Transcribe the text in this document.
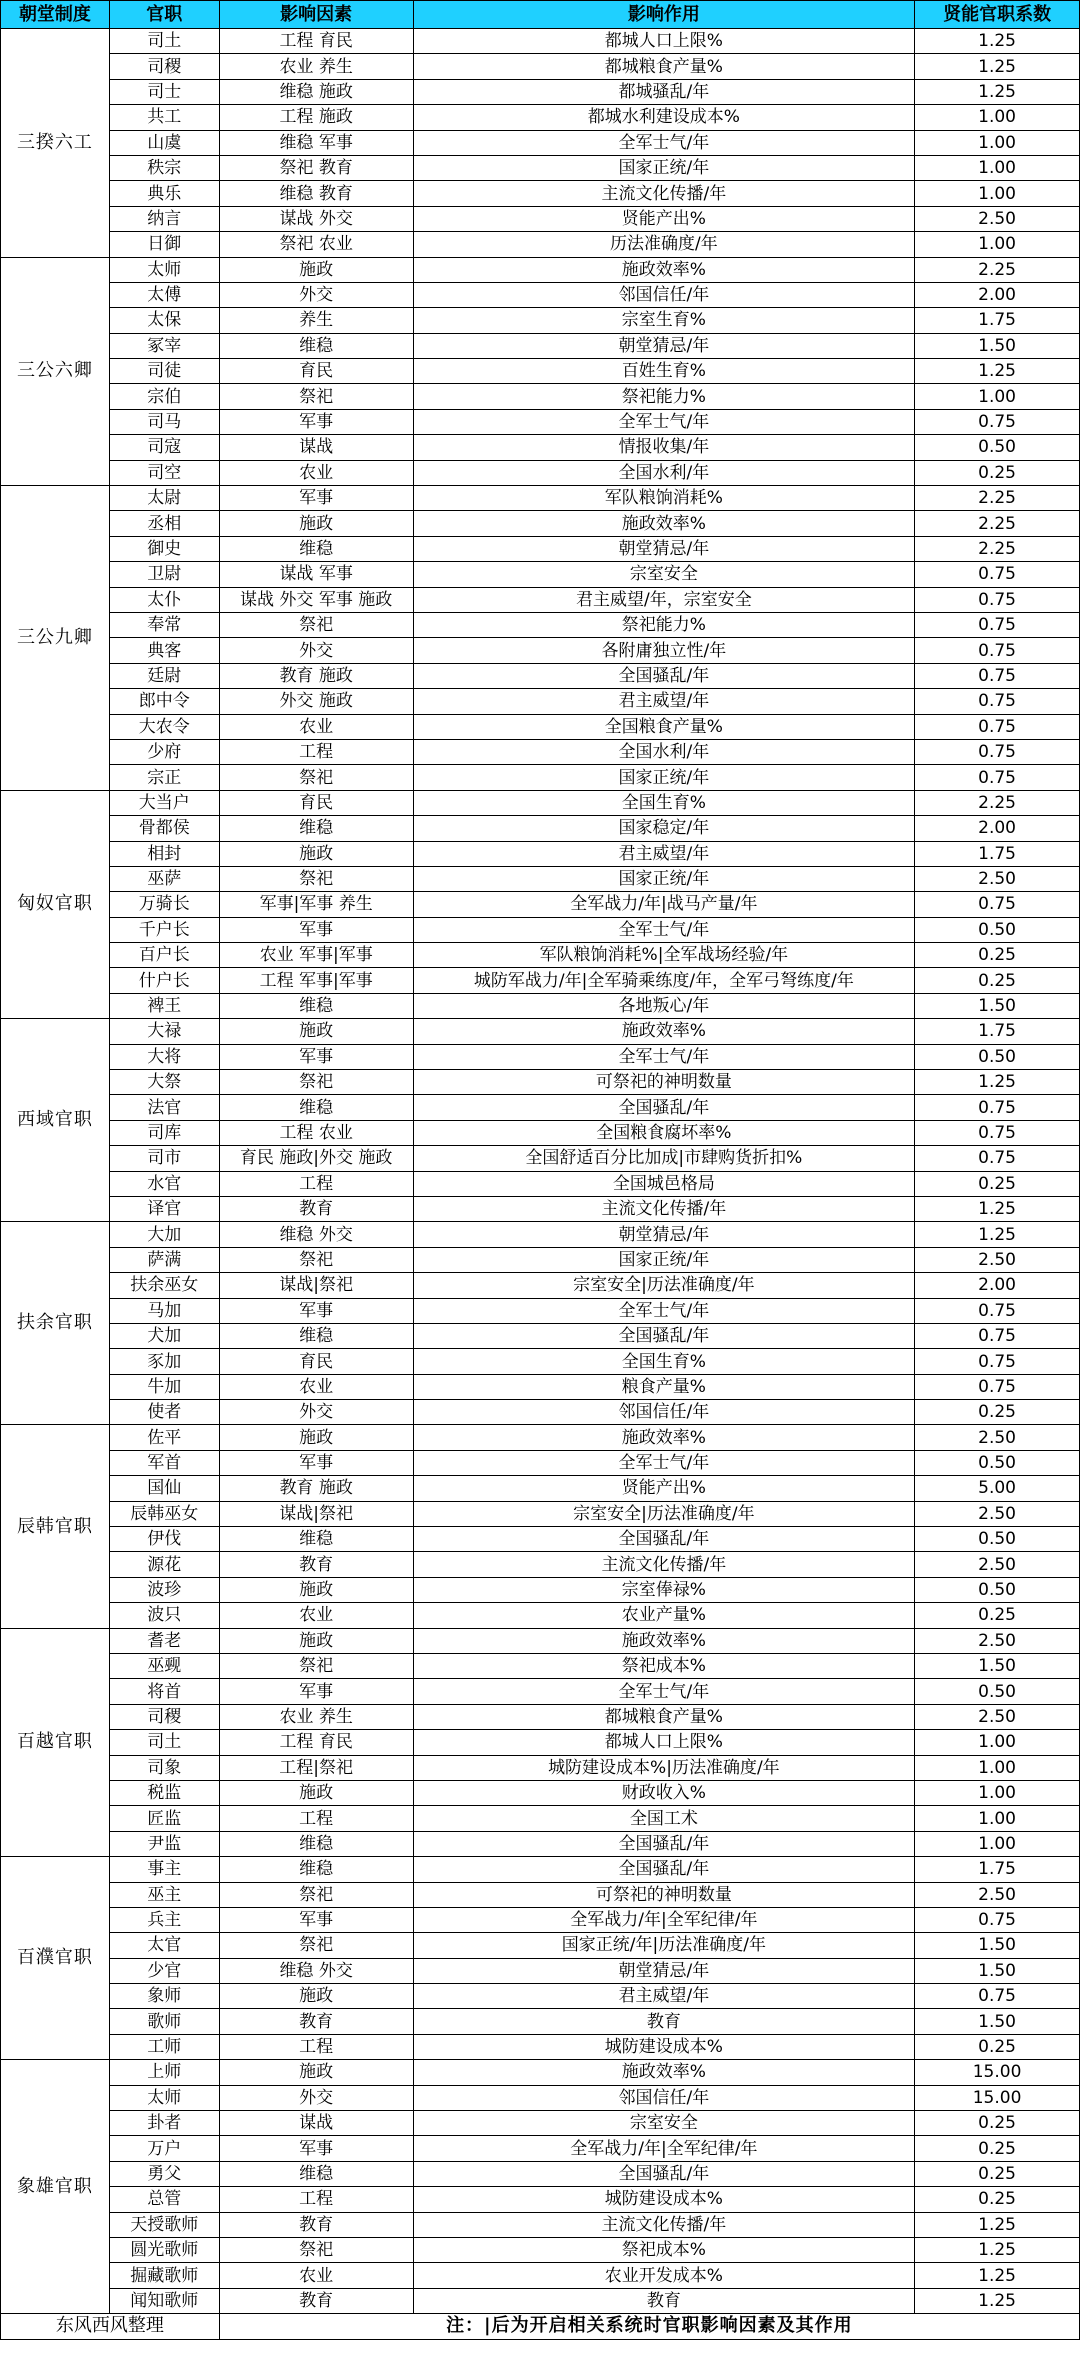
朝堂制度	官职	影响因素	影响作用	贤能官职系数
三揆六工	司土	工程 育民	都城人口上限%	1.25
	司稷	农业 养生	都城粮食产量%	1.25
	司士	维稳 施政	都城骚乱/年	1.25
	共工	工程 施政	都城水利建设成本%	1.00
	山虞	维稳 军事	全军士气/年	1.00
	秩宗	祭祀 教育	国家正统/年	1.00
	典乐	维稳 教育	主流文化传播/年	1.00
	纳言	谋战 外交	贤能产出%	2.50
	日御	祭祀 农业	历法准确度/年	1.00
三公六卿	太师	施政	施政效率%	2.25
	太傅	外交	邻国信任/年	2.00
	太保	养生	宗室生育%	1.75
	冢宰	维稳	朝堂猜忌/年	1.50
	司徒	育民	百姓生育%	1.25
	宗伯	祭祀	祭祀能力%	1.00
	司马	军事	全军士气/年	0.75
	司寇	谋战	情报收集/年	0.50
	司空	农业	全国水利/年	0.25
三公九卿	太尉	军事	军队粮饷消耗%	2.25
	丞相	施政	施政效率%	2.25
	御史	维稳	朝堂猜忌/年	2.25
	卫尉	谋战 军事	宗室安全	0.75
	太仆	谋战 外交 军事 施政	君主威望/年，宗室安全	0.75
	奉常	祭祀	祭祀能力%	0.75
	典客	外交	各附庸独立性/年	0.75
	廷尉	教育 施政	全国骚乱/年	0.75
	郎中令	外交 施政	君主威望/年	0.75
	大农令	农业	全国粮食产量%	0.75
	少府	工程	全国水利/年	0.75
	宗正	祭祀	国家正统/年	0.75
匈奴官职	大当户	育民	全国生育%	2.25
	骨都侯	维稳	国家稳定/年	2.00
	相封	施政	君主威望/年	1.75
	巫萨	祭祀	国家正统/年	2.50
	万骑长	军事|军事 养生	全军战力/年|战马产量/年	0.75
	千户长	军事	全军士气/年	0.50
	百户长	农业 军事|军事	军队粮饷消耗%|全军战场经验/年	0.25
	什户长	工程 军事|军事	城防军战力/年|全军骑乘练度/年，全军弓弩练度/年	0.25
	裨王	维稳	各地叛心/年	1.50
西域官职	大禄	施政	施政效率%	1.75
	大将	军事	全军士气/年	0.50
	大祭	祭祀	可祭祀的神明数量	1.25
	法官	维稳	全国骚乱/年	0.75
	司库	工程 农业	全国粮食腐坏率%	0.75
	司市	育民 施政|外交 施政	全国舒适百分比加成|市肆购货折扣%	0.75
	水官	工程	全国城邑格局	0.25
	译官	教育	主流文化传播/年	1.25
扶余官职	大加	维稳 外交	朝堂猜忌/年	1.25
	萨满	祭祀	国家正统/年	2.50
	扶余巫女	谋战|祭祀	宗室安全|历法准确度/年	2.00
	马加	军事	全军士气/年	0.75
	犬加	维稳	全国骚乱/年	0.75
	豕加	育民	全国生育%	0.75
	牛加	农业	粮食产量%	0.75
	使者	外交	邻国信任/年	0.25
辰韩官职	佐平	施政	施政效率%	2.50
	军首	军事	全军士气/年	0.50
	国仙	教育 施政	贤能产出%	5.00
	辰韩巫女	谋战|祭祀	宗室安全|历法准确度/年	2.50
	伊伐	维稳	全国骚乱/年	0.50
	源花	教育	主流文化传播/年	2.50
	波珍	施政	宗室俸禄%	0.50
	波只	农业	农业产量%	0.25
百越官职	耆老	施政	施政效率%	2.50
	巫觋	祭祀	祭祀成本%	1.50
	将首	军事	全军士气/年	0.50
	司稷	农业 养生	都城粮食产量%	2.50
	司土	工程 育民	都城人口上限%	1.00
	司象	工程|祭祀	城防建设成本%|历法准确度/年	1.00
	税监	施政	财政收入%	1.00
	匠监	工程	全国工术	1.00
	尹监	维稳	全国骚乱/年	1.00
百濮官职	事主	维稳	全国骚乱/年	1.75
	巫主	祭祀	可祭祀的神明数量	2.50
	兵主	军事	全军战力/年|全军纪律/年	0.75
	太官	祭祀	国家正统/年|历法准确度/年	1.50
	少官	维稳 外交	朝堂猜忌/年	1.50
	象师	施政	君主威望/年	0.75
	歌师	教育	教育	1.50
	工师	工程	城防建设成本%	0.25
象雄官职	上师	施政	施政效率%	15.00
	太师	外交	邻国信任/年	15.00
	卦者	谋战	宗室安全	0.25
	万户	军事	全军战力/年|全军纪律/年	0.25
	勇父	维稳	全国骚乱/年	0.25
	总管	工程	城防建设成本%	0.25
	天授歌师	教育	主流文化传播/年	1.25
	圆光歌师	祭祀	祭祀成本%	1.25
	掘藏歌师	农业	农业开发成本%	1.25
	闻知歌师	教育	教育	1.25
东风西风整理		注：|后为开启相关系统时官职影响因素及其作用		
